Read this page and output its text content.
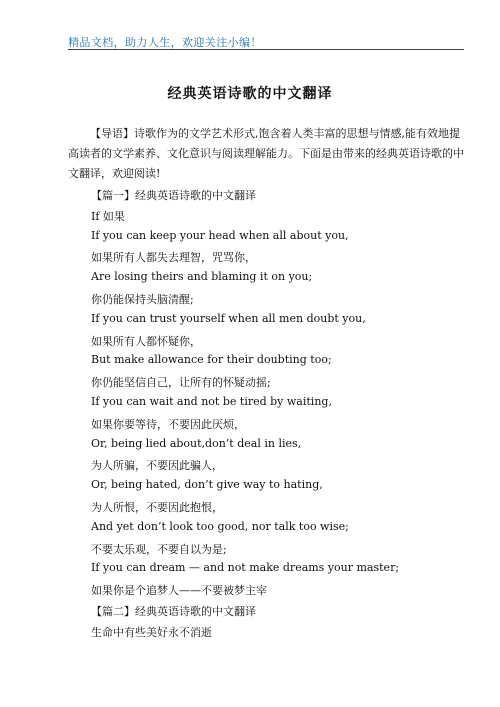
精品文档，助力人生，欢迎关注小编！
经典英语诗歌的中文翻译
【导语】诗歌作为的文学艺术形式,饱含着人类丰富的思想与情感,能有效地提高读者的文学素养、文化意识与阅读理解能力。下面是由带来的经典英语诗歌的中文翻译，欢迎阅读!
【篇一】经典英语诗歌的中文翻译
If 如果
If you can keep your head when all about you,
如果所有人都失去理智，咒骂你，
Are losing theirs and blaming it on you;
你仍能保持头脑清醒;
If you can trust yourself when all men doubt you,
如果所有人都怀疑你，
But make allowance for their doubting too;
你仍能坚信自己，让所有的怀疑动摇;
If you can wait and not be tired by waiting,
如果你要等待，不要因此厌烦，
Or, being lied about,don’t deal in lies,
为人所骗，不要因此骗人，
Or, being hated, don’t give way to hating,
为人所恨，不要因此抱恨，
And yet don’t look too good, nor talk too wise;
不要太乐观，不要自以为是;
If you can dream — and not make dreams your master;
如果你是个追梦人——不要被梦主宰
【篇二】经典英语诗歌的中文翻译
生命中有些美好永不消逝
